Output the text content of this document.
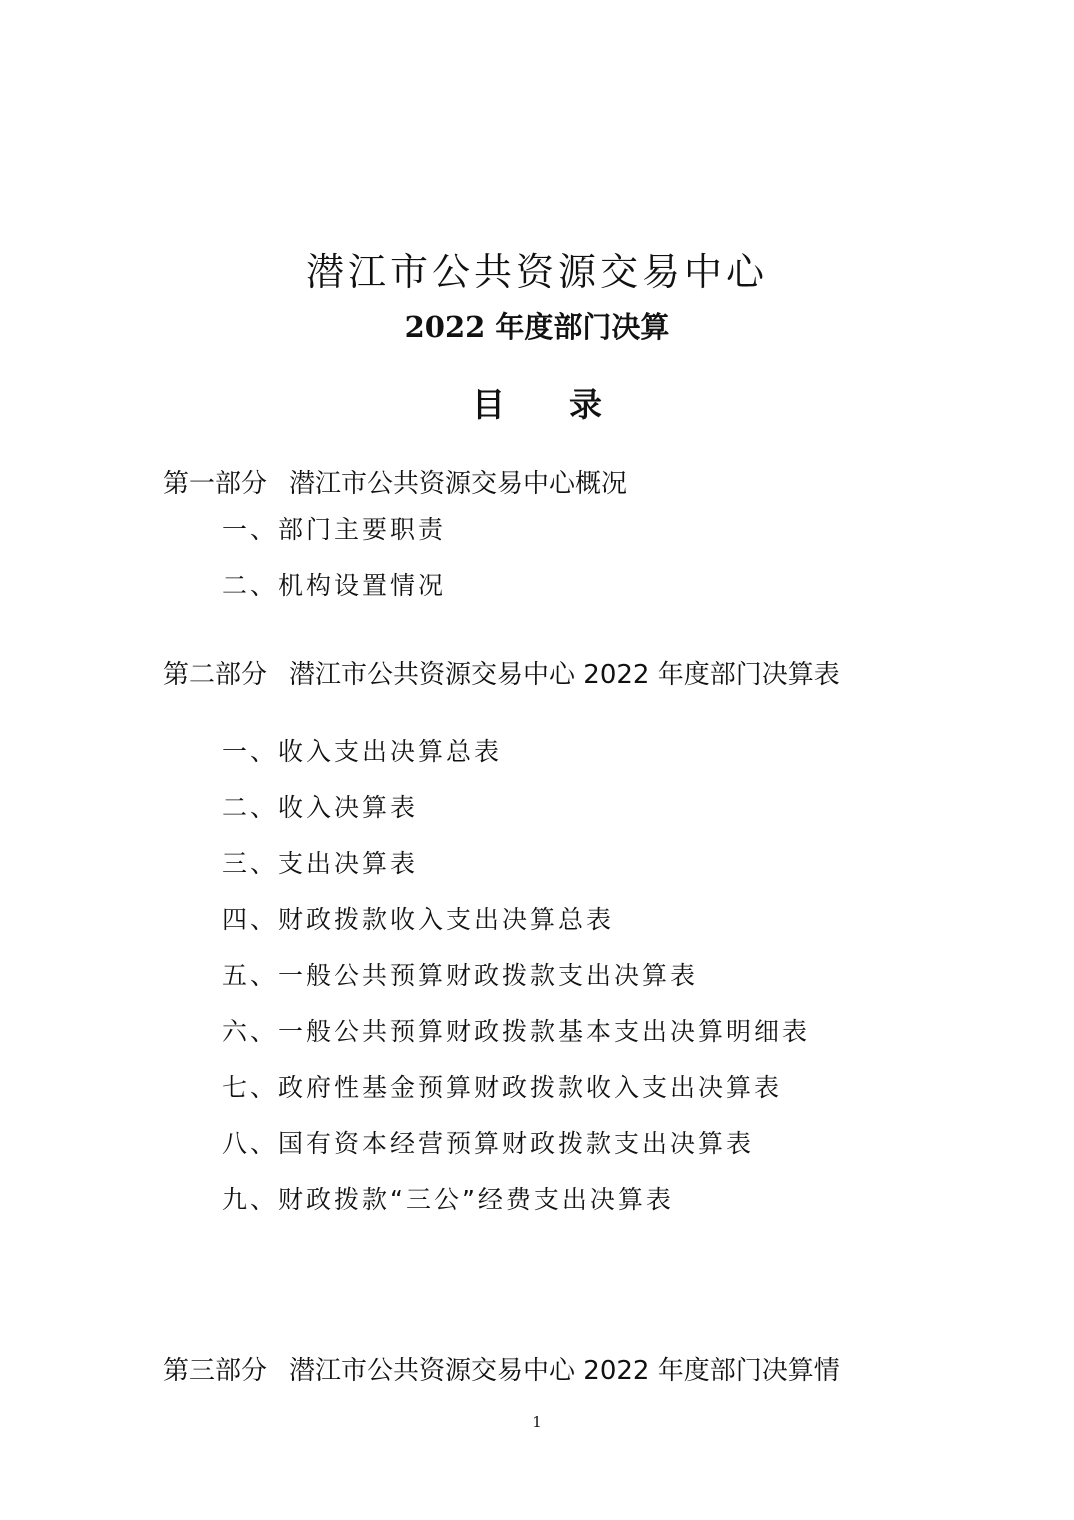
潜江市公共资源交易中心
2022 年度部门决算
目 录
第一部分 潜江市公共资源交易中心概况
一、部门主要职责
二、机构设置情况
第二部分 潜江市公共资源交易中心 2022 年度部门决算表
一、收入支出决算总表
二、收入决算表
三、支出决算表
四、财政拨款收入支出决算总表
五、一般公共预算财政拨款支出决算表
六、一般公共预算财政拨款基本支出决算明细表
七、政府性基金预算财政拨款收入支出决算表
八、国有资本经营预算财政拨款支出决算表
九、财政拨款“三公”经费支出决算表
第三部分 潜江市公共资源交易中心 2022 年度部门决算情
1
